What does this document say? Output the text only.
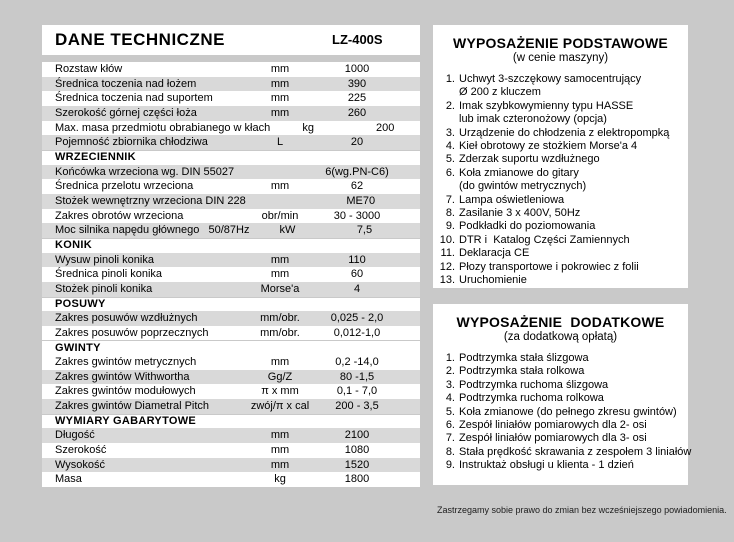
DANE TECHNICZNE	LZ-400S
Rozstaw kłów	mm	1000
Średnica toczenia nad łożem	mm	390
Średnica toczenia nad suportem	mm	225
Szerokość górnej części łoża	mm	260
Max. masa przedmiotu obrabianego w kłach	kg	200
Pojemność zbiornika chłodziwa	L	20
WRZECIENNIK
Końcówka wrzeciona wg. DIN 55027	6(wg.PN-C6)
Średnica przelotu wrzeciona	mm	62
Stożek wewnętrzny wrzeciona DIN 228	ME70
Zakres obrotów wrzeciona	obr/min	30 - 3000
Moc silnika napędu głównego   50/87Hz	kW	7,5
KONIK
Wysuw pinoli konika	mm	110
Średnica pinoli konika	mm	60
Stożek pinoli konika	Morse'a	4
POSUWY
Zakres posuwów wzdłużnych	mm/obr.	0,025 - 2,0
Zakres posuwów poprzecznych	mm/obr.	0,012-1,0
GWINTY
Zakres gwintów metrycznych	mm	0,2 -14,0
Zakres gwintów Withwortha	Gg/Z	80 -1,5
Zakres gwintów modułowych	π x mm	0,1 - 7,0
Zakres gwintów Diametral Pitch	zwój/π x cal	200 - 3,5
WYMIARY GABARYTOWE
Długość	mm	2100
Szerokość	mm	1080
Wysokość	mm	1520
Masa	kg	1800
WYPOSAŻENIE PODSTAWOWE
(w cenie maszyny)
1. Uchwyt 3-szczękowy samocentrujący
Ø 200 z kluczem
2. Imak szybkowymienny typu HASSE
lub imak czteronożowy (opcja)
3. Urządzenie do chłodzenia z elektropompką
4. Kieł obrotowy ze stożkiem Morse'a 4
5. Zderzak suportu wzdłużnego
6. Koła zmianowe do gitary
(do gwintów metrycznych)
7. Lampa oświetleniowa
8. Zasilanie 3 x 400V, 50Hz
9. Podkładki do poziomowania
10. DTR i  Katalog Części Zamiennych
11. Deklaracja CE
12. Płozy transportowe i pokrowiec z folii
13. Uruchomienie
WYPOSAŻENIE  DODATKOWE
(za dodatkową opłatą)
1. Podtrzymka stała ślizgowa
2. Podtrzymka stała rolkowa
3. Podtrzymka ruchoma ślizgowa
4. Podtrzymka ruchoma rolkowa
5. Koła zmianowe (do pełnego zkresu gwintów)
6. Zespół liniałów pomiarowych dla 2- osi
7. Zespół liniałów pomiarowych dla 3- osi
8. Stała prędkość skrawania z zespołem 3 liniałów
9. Instruktaż obsługi u klienta - 1 dzień
Zastrzegamy sobie prawo do zmian bez wcześniejszego powiadomienia.
